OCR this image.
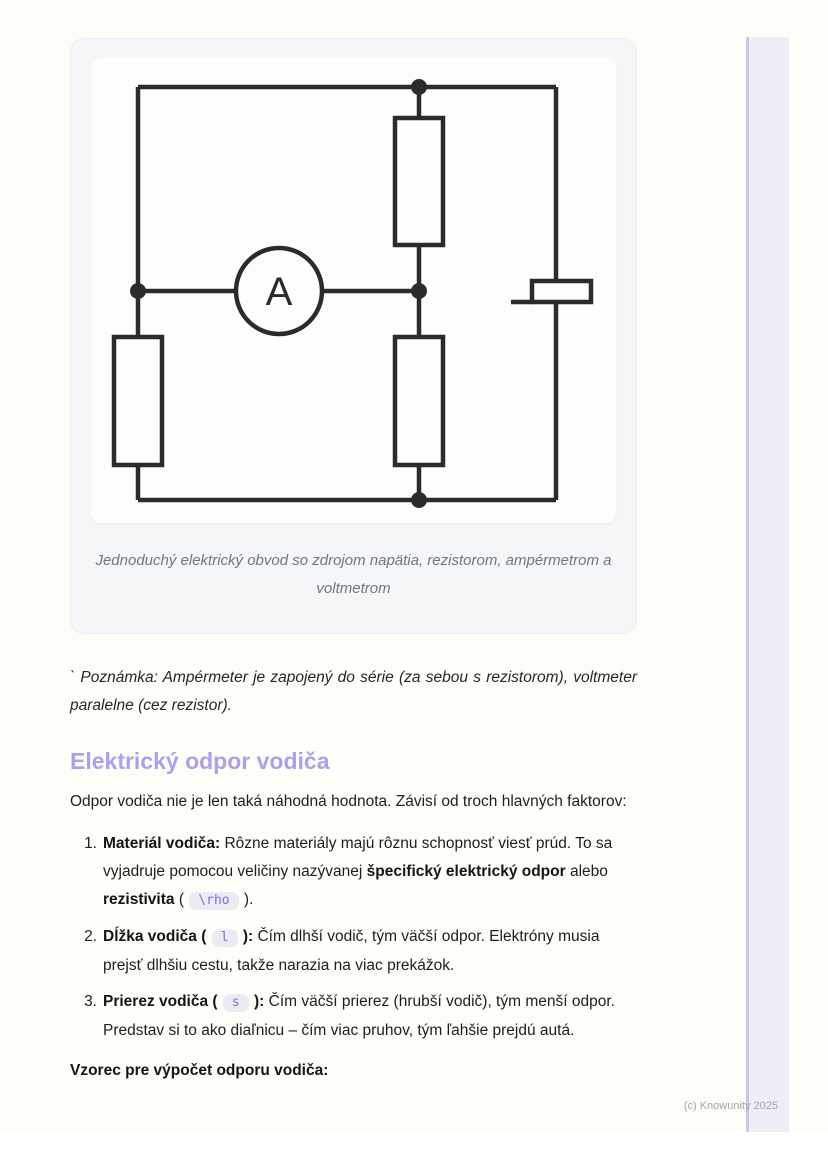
A
Jednoduchý elektrický obvod so zdrojom napätia, rezistorom, ampérmetrom a voltmetrom

` Poznámka: Ampérmeter je zapojený do série (za sebou s rezistorom), voltmeter paralelne (cez rezistor).

Elektrický odpor vodiča

Odpor vodiča nie je len taká náhodná hodnota. Závisí od troch hlavných faktorov:

1. Materiál vodiča: Rôzne materiály majú rôznu schopnosť viesť prúd. To sa vyjadruje pomocou veličiny nazývanej špecifický elektrický odpor alebo rezistivita ( \rho ).
2. Dĺžka vodiča ( l ): Čím dlhší vodič, tým väčší odpor. Elektróny musia prejsť dlhšiu cestu, takže narazia na viac prekážok.
3. Prierez vodiča ( s ): Čím väčší prierez (hrubší vodič), tým menší odpor. Predstav si to ako diaľnicu – čím viac pruhov, tým ľahšie prejdú autá.

Vzorec pre výpočet odporu vodiča:

(c) Knowunity 2025
